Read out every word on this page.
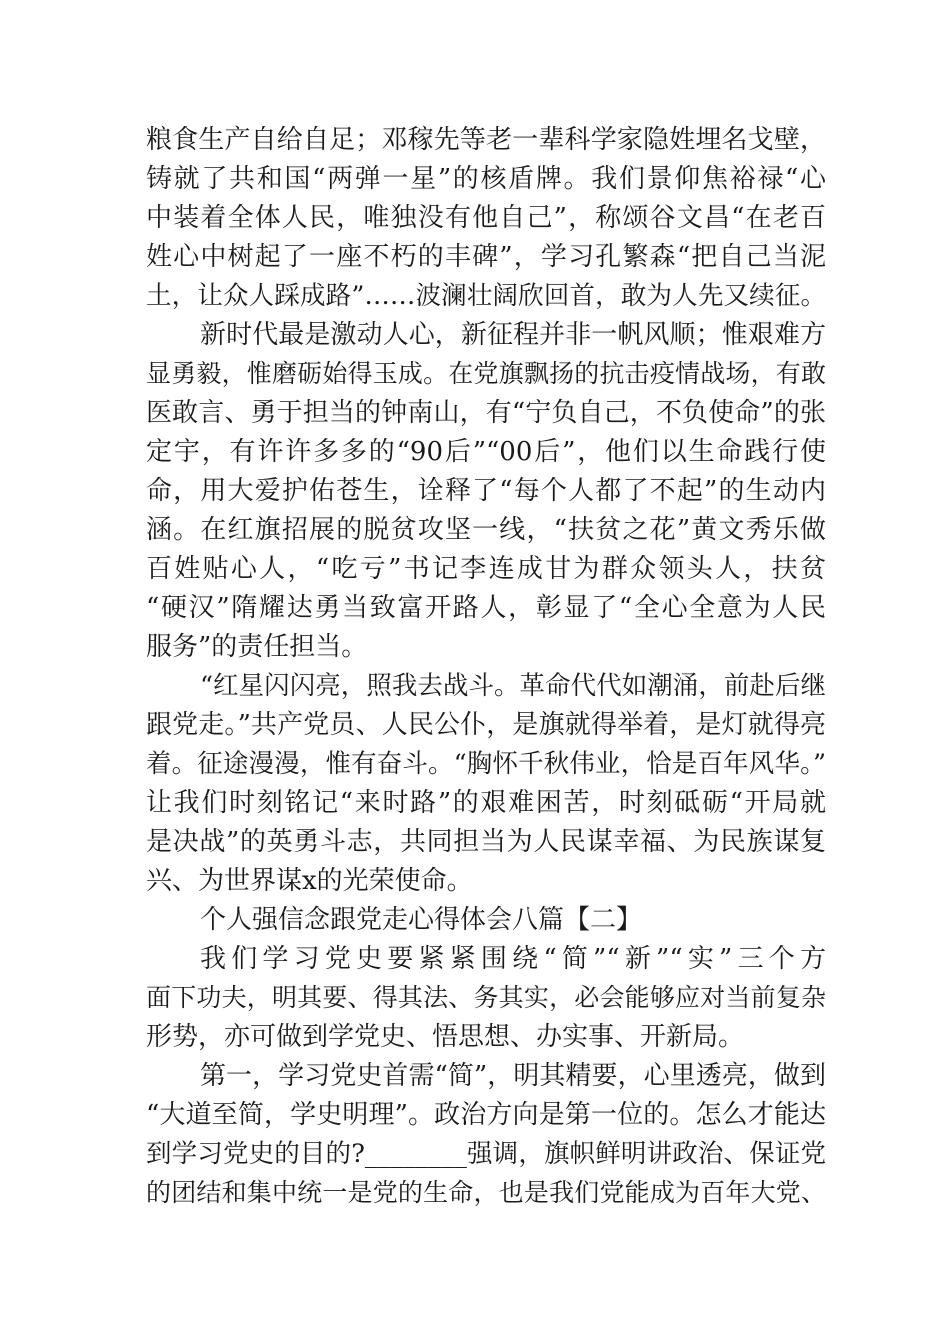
粮食生产自给自足；邓稼先等老一辈科学家隐姓埋名戈壁，
铸就了共和国“两弹一星”的核盾牌。我们景仰焦裕禄“心
中装着全体人民，唯独没有他自己”，称颂谷文昌“在老百
姓心中树起了一座不朽的丰碑”，学习孔繁森“把自己当泥
土，让众人踩成路”……波澜壮阔欣回首，敢为人先又续征。
新时代最是激动人心，新征程并非一帆风顺；惟艰难方
显勇毅，惟磨砺始得玉成。在党旗飘扬的抗击疫情战场，有敢
医敢言、勇于担当的钟南山，有“宁负自己，不负使命”的张
定宇，有许许多多的“90后”“00后”，他们以生命践行使
命，用大爱护佑苍生，诠释了“每个人都了不起”的生动内
涵。在红旗招展的脱贫攻坚一线，“扶贫之花”黄文秀乐做
百姓贴心人，“吃亏”书记李连成甘为群众领头人，扶贫
“硬汉”隋耀达勇当致富开路人，彰显了“全心全意为人民
服务”的责任担当。
“红星闪闪亮，照我去战斗。革命代代如潮涌，前赴后继
跟党走。”共产党员、人民公仆，是旗就得举着，是灯就得亮
着。征途漫漫，惟有奋斗。“胸怀千秋伟业，恰是百年风华。”
让我们时刻铭记“来时路”的艰难困苦，时刻砥砺“开局就
是决战”的英勇斗志，共同担当为人民谋幸福、为民族谋复
兴、为世界谋x的光荣使命。
个人强信念跟党走心得体会八篇【二】
我们学习党史要紧紧围绕“简”“新”“实”三个方
面下功夫，明其要、得其法、务其实，必会能够应对当前复杂
形势，亦可做到学党史、悟思想、办实事、开新局。
第一，学习党史首需“简”，明其精要，心里透亮，做到
“大道至简，学史明理”。政治方向是第一位的。怎么才能达
到学习党史的目的?________强调，旗帜鲜明讲政治、保证党
的团结和集中统一是党的生命，也是我们党能成为百年大党、
